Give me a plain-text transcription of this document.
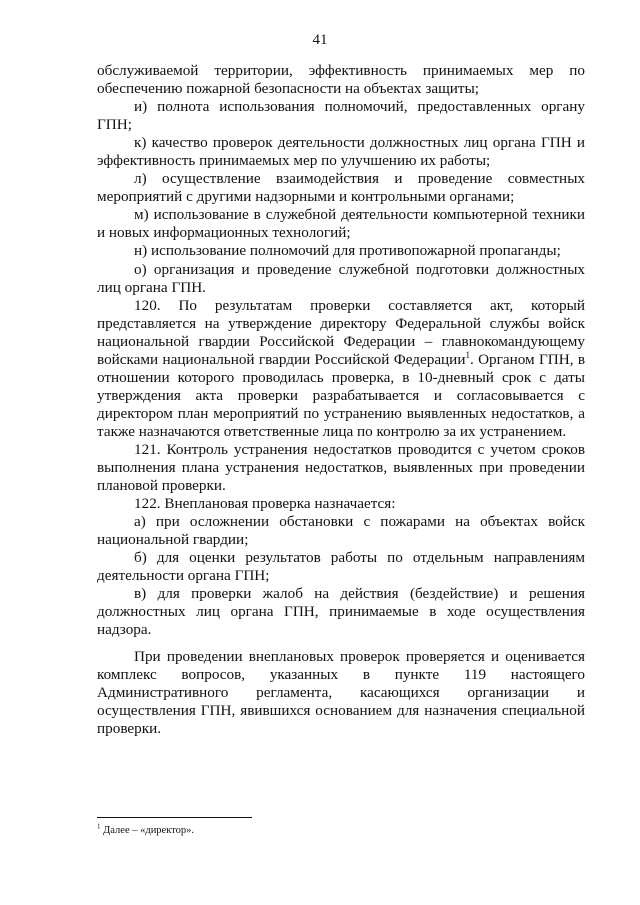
41

обслуживаемой территории, эффективность принимаемых мер по обеспечению пожарной безопасности на объектах защиты;

и) полнота использования полномочий, предоставленных органу ГПН;

к) качество проверок деятельности должностных лиц органа ГПН и эффективность принимаемых мер по улучшению их работы;

л) осуществление взаимодействия и проведение совместных мероприятий с другими надзорными и контрольными органами;

м) использование в служебной деятельности компьютерной техники и новых информационных технологий;

н) использование полномочий для противопожарной пропаганды;

о) организация и проведение служебной подготовки должностных лиц органа ГПН.

120. По результатам проверки составляется акт, который представляется на утверждение директору Федеральной службы войск национальной гвардии Российской Федерации – главнокомандующему войсками национальной гвардии Российской Федерации$^1$. Органом ГПН, в отношении которого проводилась проверка, в 10-дневный срок с даты утверждения акта проверки разрабатывается и согласовывается с директором план мероприятий по устранению выявленных недостатков, а также назначаются ответственные лица по контролю за их устранением.

121. Контроль устранения недостатков проводится с учетом сроков выполнения плана устранения недостатков, выявленных при проведении плановой проверки.

122. Внеплановая проверка назначается:

а) при осложнении обстановки с пожарами на объектах войск национальной гвардии;

б) для оценки результатов работы по отдельным направлениям деятельности органа ГПН;

в) для проверки жалоб на действия (бездействие) и решения должностных лиц органа ГПН, принимаемые в ходе осуществления надзора.

При проведении внеплановых проверок проверяется и оценивается комплекс вопросов, указанных в пункте 119 настоящего Административного регламента, касающихся организации и осуществления ГПН, явившихся основанием для назначения специальной проверки.

$^1$ Далее – «директор».
